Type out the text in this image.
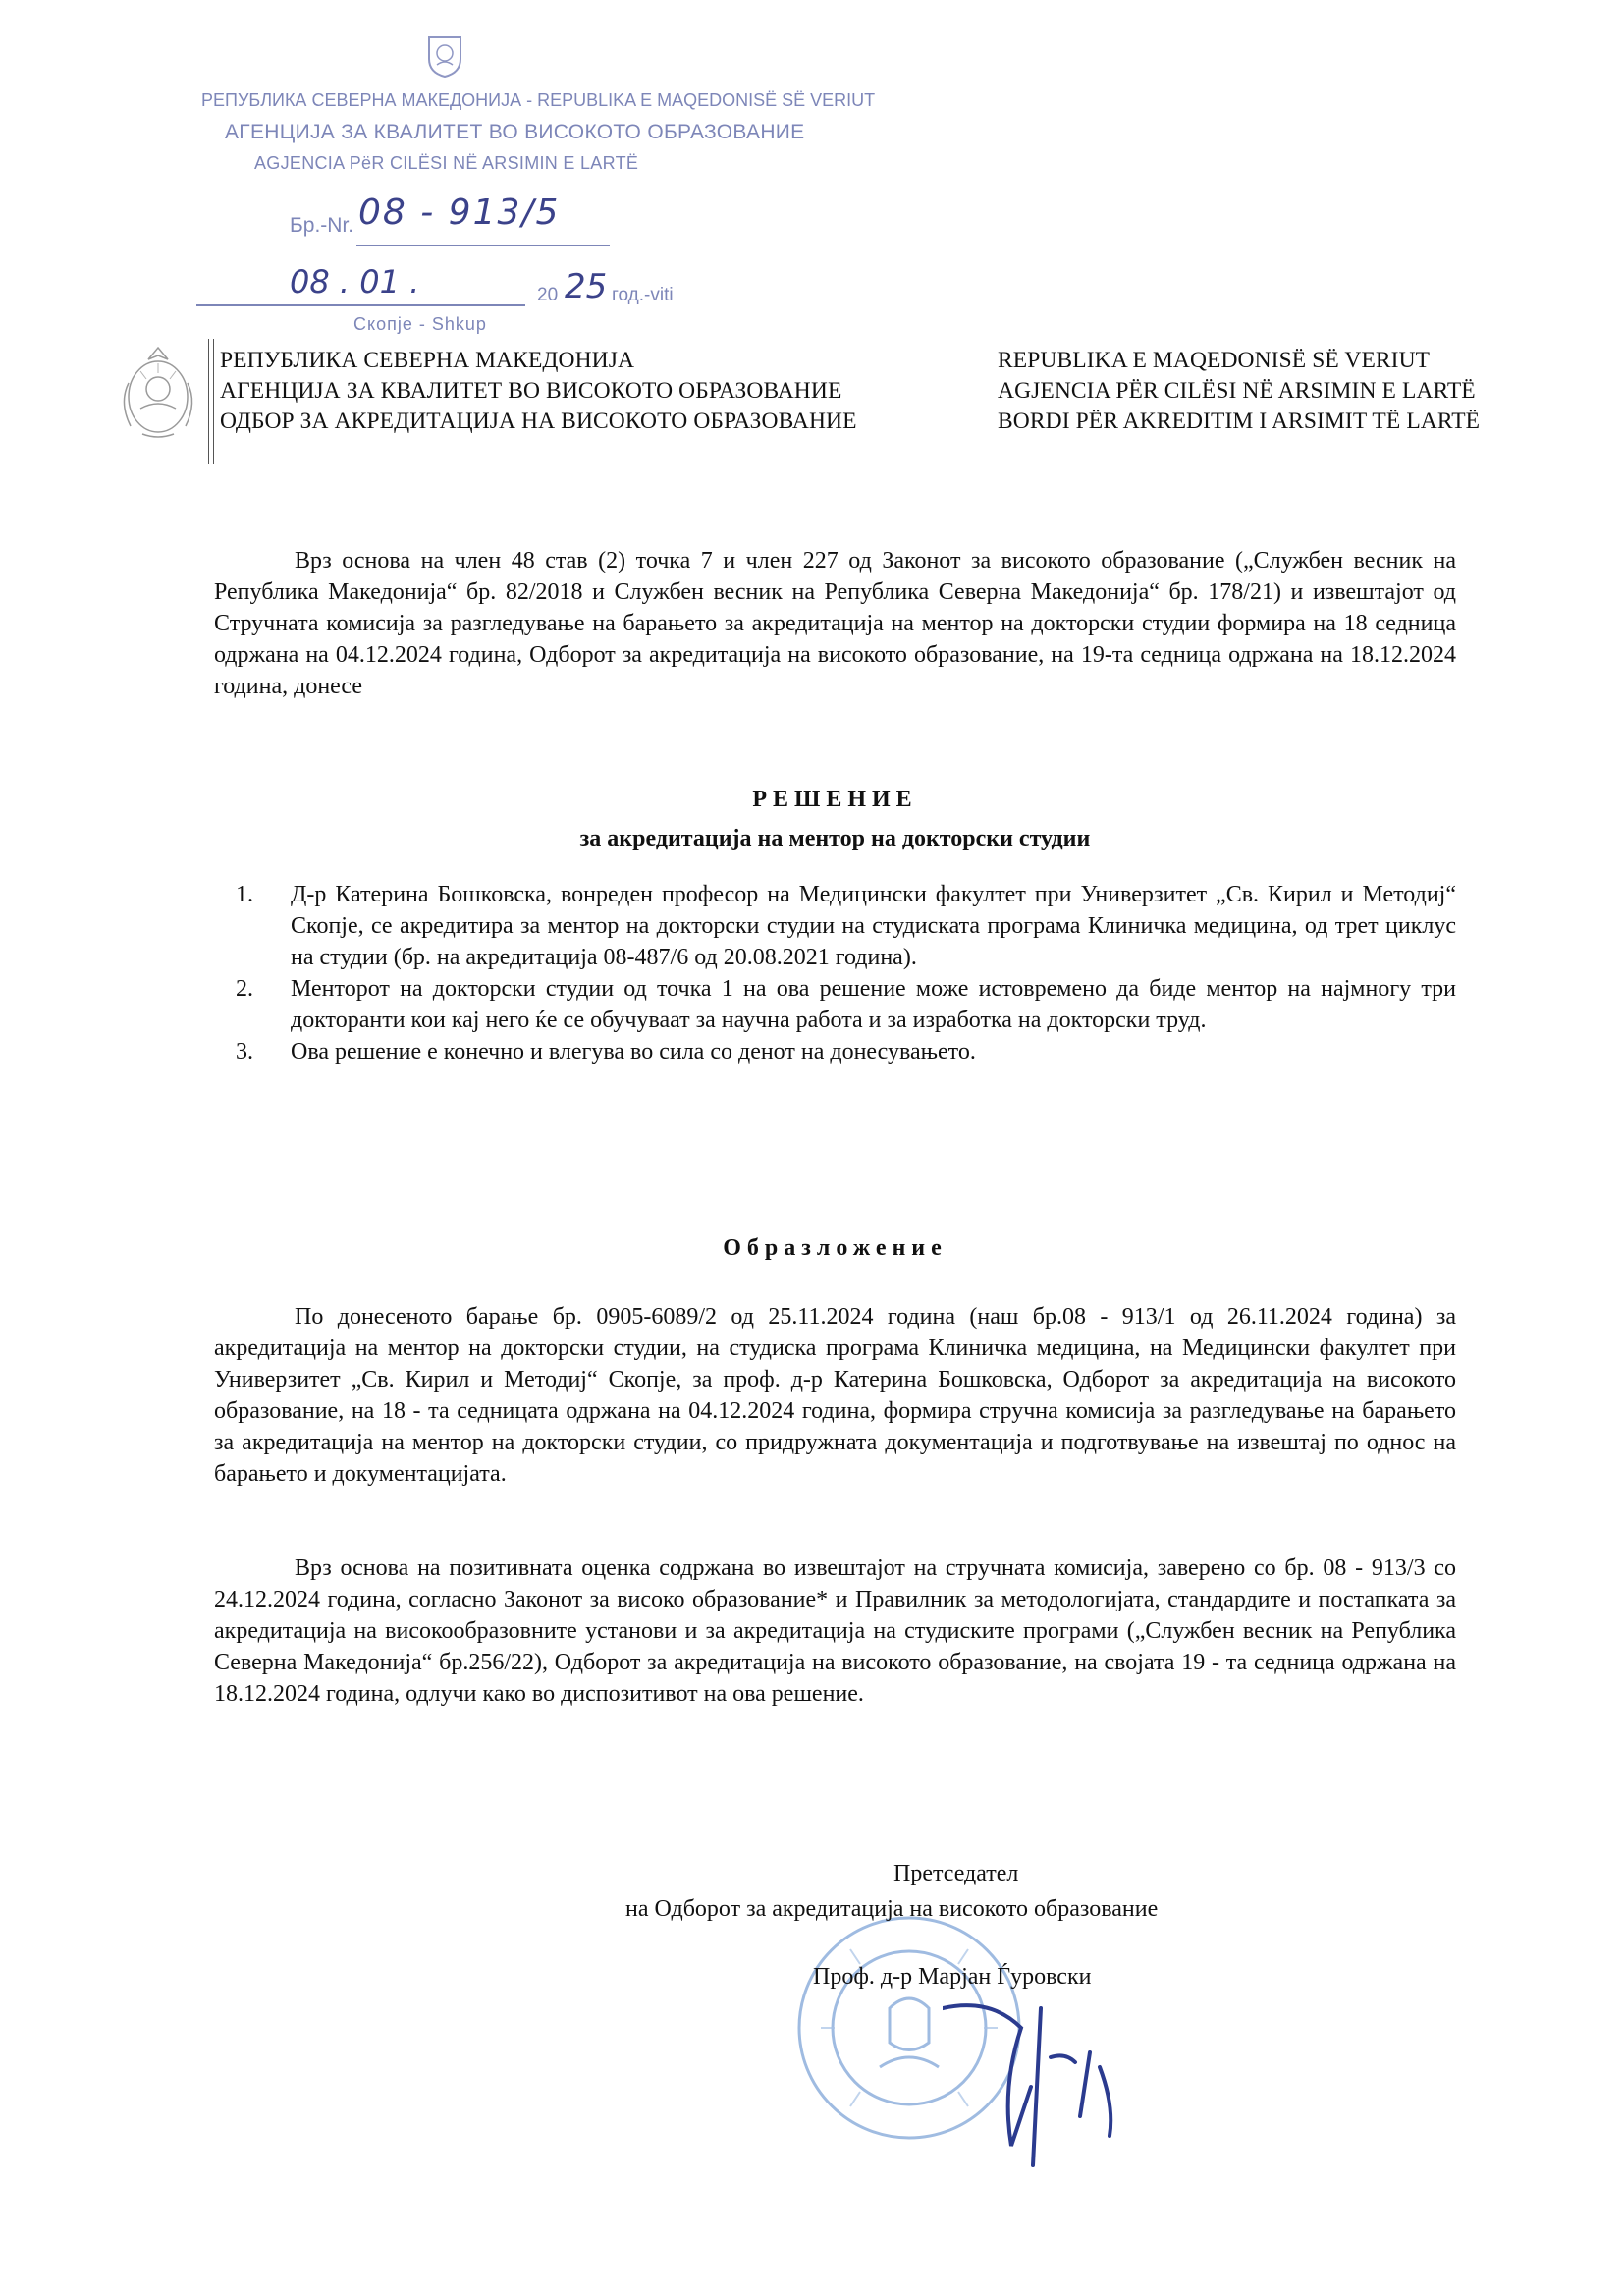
РЕПУБЛИКА СЕВЕРНА МАКЕДОНИЈА - REPUBLIKA E MAQEDONISË SË VERIUT
АГЕНЦИЈА ЗА КВАЛИТЕТ ВО ВИСОКОТО ОБРАЗОВАНИЕ
AGJENCIA PëR CILËSI NË ARSIMIN E LARTË
Бр.-Nr. 08 - 913/5
08 . 01 .	20 25 год.-viti
Скопје - Shkup
РЕПУБЛИКА СЕВЕРНА МАКЕДОНИЈА
АГЕНЦИЈА ЗА КВАЛИТЕТ ВО ВИСОКОТО ОБРАЗОВАНИЕ
ОДБОР ЗА АКРЕДИТАЦИЈА НА ВИСОКОТО ОБРАЗОВАНИЕ
REPUBLIKA E MAQEDONISË SË VERIUT
AGJENCIA PËR CILËSI NË ARSIMIN E LARTË
BORDI PËR AKREDITIM I ARSIMIT TË LARTË
Врз основа на член 48 став (2) точка 7 и член 227 од Законот за високото образование („Службен весник на Република Македонија“ бр. 82/2018 и Службен весник на Република Северна Македонија“ бр. 178/21) и извештајот од Стручната комисија за разгледување на барањето за акредитација на ментор на докторски студии формира на 18 седница одржана на 04.12.2024 година, Одборот за акредитација на високото образование, на 19-та седница одржана на 18.12.2024 година, донесе
РЕШЕНИЕ
за акредитација на ментор на докторски студии
1. Д-р Катерина Бошковска, вонреден професор на Медицински факултет при Универзитет „Св. Кирил и Методиј“ Скопје, се акредитира за ментор на докторски студии на студиската програма Клиничка медицина, од трет циклус на студии (бр. на акредитација 08-487/6 од 20.08.2021 година).
2. Менторот на докторски студии од точка 1 на ова решение може истовремено да биде ментор на најмногу три докторанти кои кај него ќе се обучуваат за научна работа и за изработка на докторски труд.
3. Ова решение е конечно и влегува во сила со денот на донесувањето.
Образложение
По донесеното барање бр. 0905-6089/2 од 25.11.2024 година (наш бр.08 - 913/1 од 26.11.2024 година) за акредитација на ментор на докторски студии, на студиска програма Клиничка медицина, на Медицински факултет при Универзитет „Св. Кирил и Методиј“ Скопје, за проф. д-р Катерина Бошковска, Одборот за акредитација на високото образование, на 18 - та седницата одржана на 04.12.2024 година, формира стручна комисија за разгледување на барањето за акредитација на ментор на докторски студии, со придружната документација и подготвување на извештај по однос на барањето и документацијата.
Врз основа на позитивната оценка содржана во извештајот на стручната комисија, заверено со бр. 08 - 913/3 со 24.12.2024 година, согласно Законот за високо образование* и Правилник за методологијата, стандардите и постапката за акредитација на високообразовните установи и за акредитација на студиските програми („Службен весник на Република Северна Македонија“ бр.256/22), Одборот за акредитација на високото образование, на својата 19 - та седница одржана на 18.12.2024 година, одлучи како во диспозитивот на ова решение.
Претседател
на Одборот за акредитација на високото образование
Проф. д-р Марјан Ѓуровски
